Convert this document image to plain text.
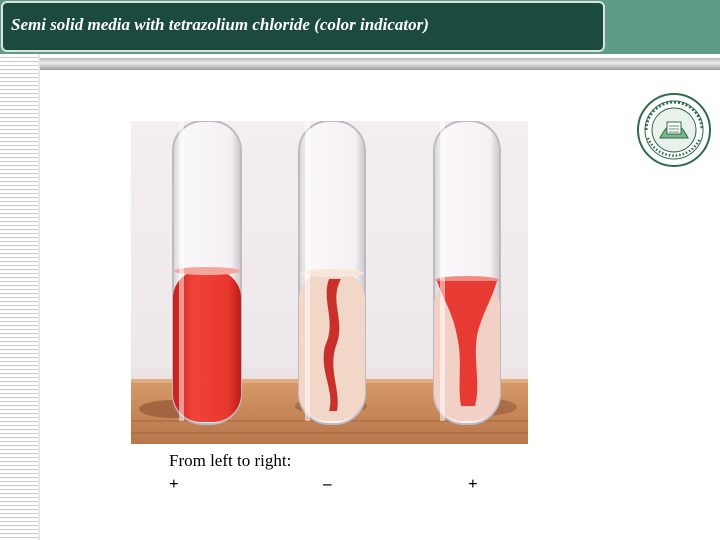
Semi solid media with tetrazolium chloride (color indicator)
From left to right:
+	–	+
